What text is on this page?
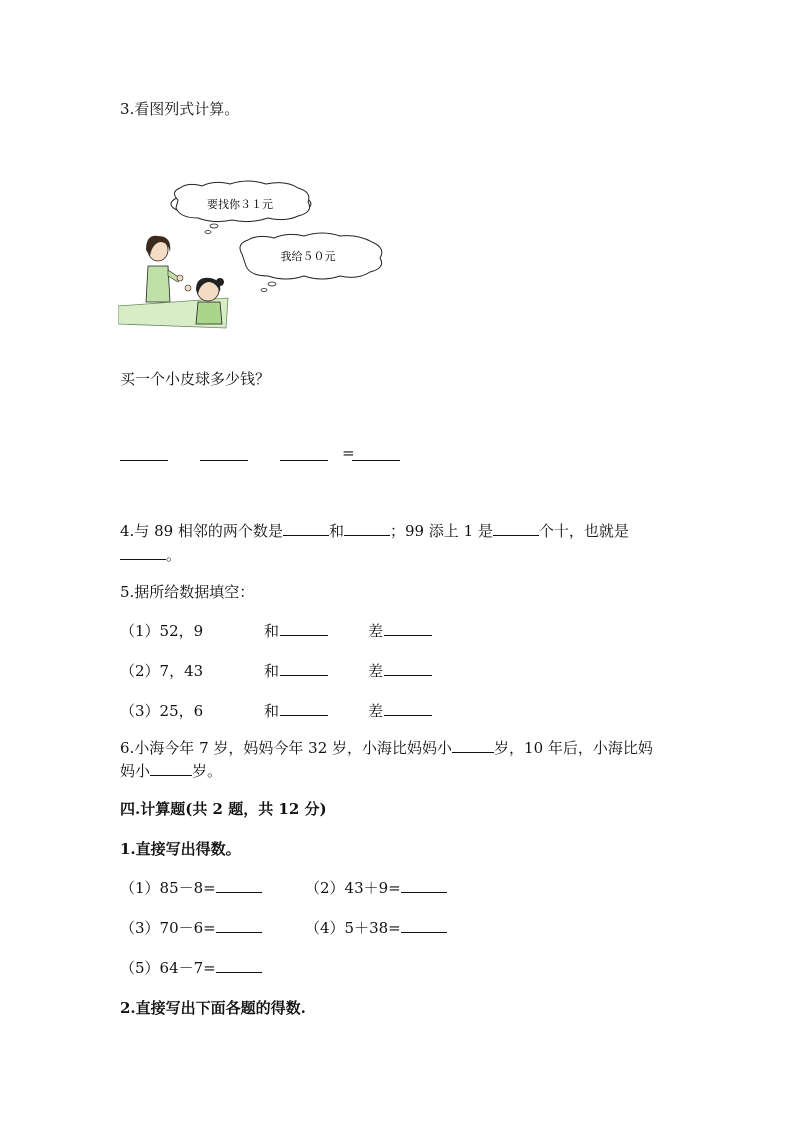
3.看图列式计算。
要找你３１元
我给５０元
买一个小皮球多少钱？
=
4.与 89 相邻的两个数是	和	；99 添上 1 是	个十，也就是
。
5.据所给数据填空：
（1）52，9	和	差
（2）7，43	和	差
（3）25，6	和	差
6.小海今年 7 岁，妈妈今年 32 岁，小海比妈妈小	岁，10 年后，小海比妈
妈小	岁。
四.计算题(共 2 题，共 12 分)
1.直接写出得数。
（1）85－8=	（2）43＋9=
（3）70－6=	（4）5＋38=
（5）64－7=
2.直接写出下面各题的得数.
